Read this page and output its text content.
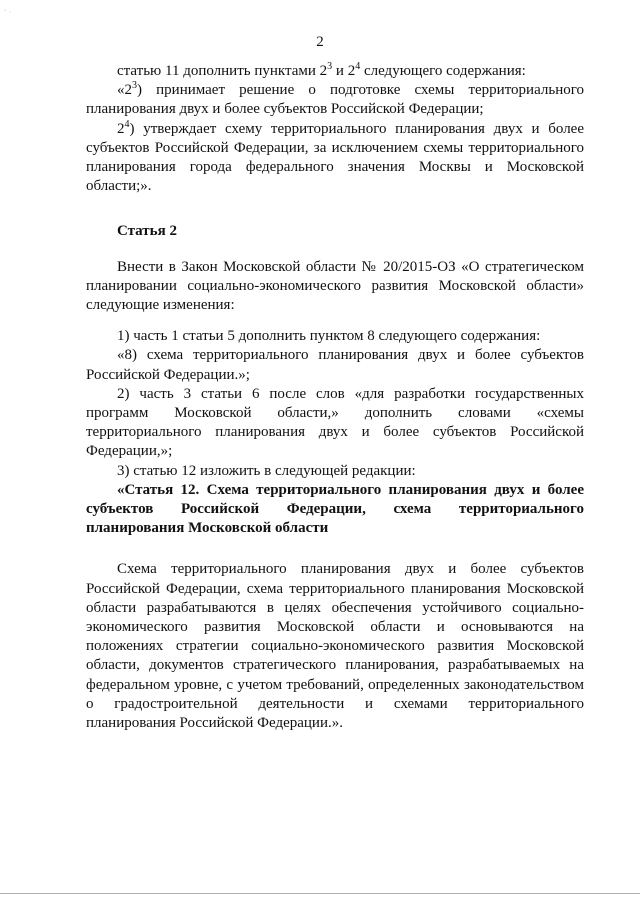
' ·
2

статью 11 дополнить пунктами $2^3$ и $2^4$ следующего содержания:

«$2^3$) принимает решение о подготовке схемы территориального планирования двух и более субъектов Российской Федерации;

$2^4$) утверждает схему территориального планирования двух и более субъектов Российской Федерации, за исключением схемы территориального планирования города федерального значения Москвы и Московской области;».

Статья 2

Внести в Закон Московской области № 20/2015-ОЗ «О стратегическом планировании социально-экономического развития Московской области» следующие изменения:

1) часть 1 статьи 5 дополнить пунктом 8 следующего содержания:

«8) схема территориального планирования двух и более субъектов Российской Федерации.»;

2) часть 3 статьи 6 после слов «для разработки государственных программ Московской области,» дополнить словами «схемы территориального планирования двух и более субъектов Российской Федерации,»;

3) статью 12 изложить в следующей редакции:

«Статья 12. Схема территориального планирования двух и более субъектов Российской Федерации, схема территориального планирования Московской области

Схема территориального планирования двух и более субъектов Российской Федерации, схема территориального планирования Московской области разрабатываются в целях обеспечения устойчивого социально-экономического развития Московской области и основываются на положениях стратегии социально-экономического развития Московской области, документов стратегического планирования, разрабатываемых на федеральном уровне, с учетом требований, определенных законодательством о градостроительной деятельности и схемами территориального планирования Российской Федерации.».
